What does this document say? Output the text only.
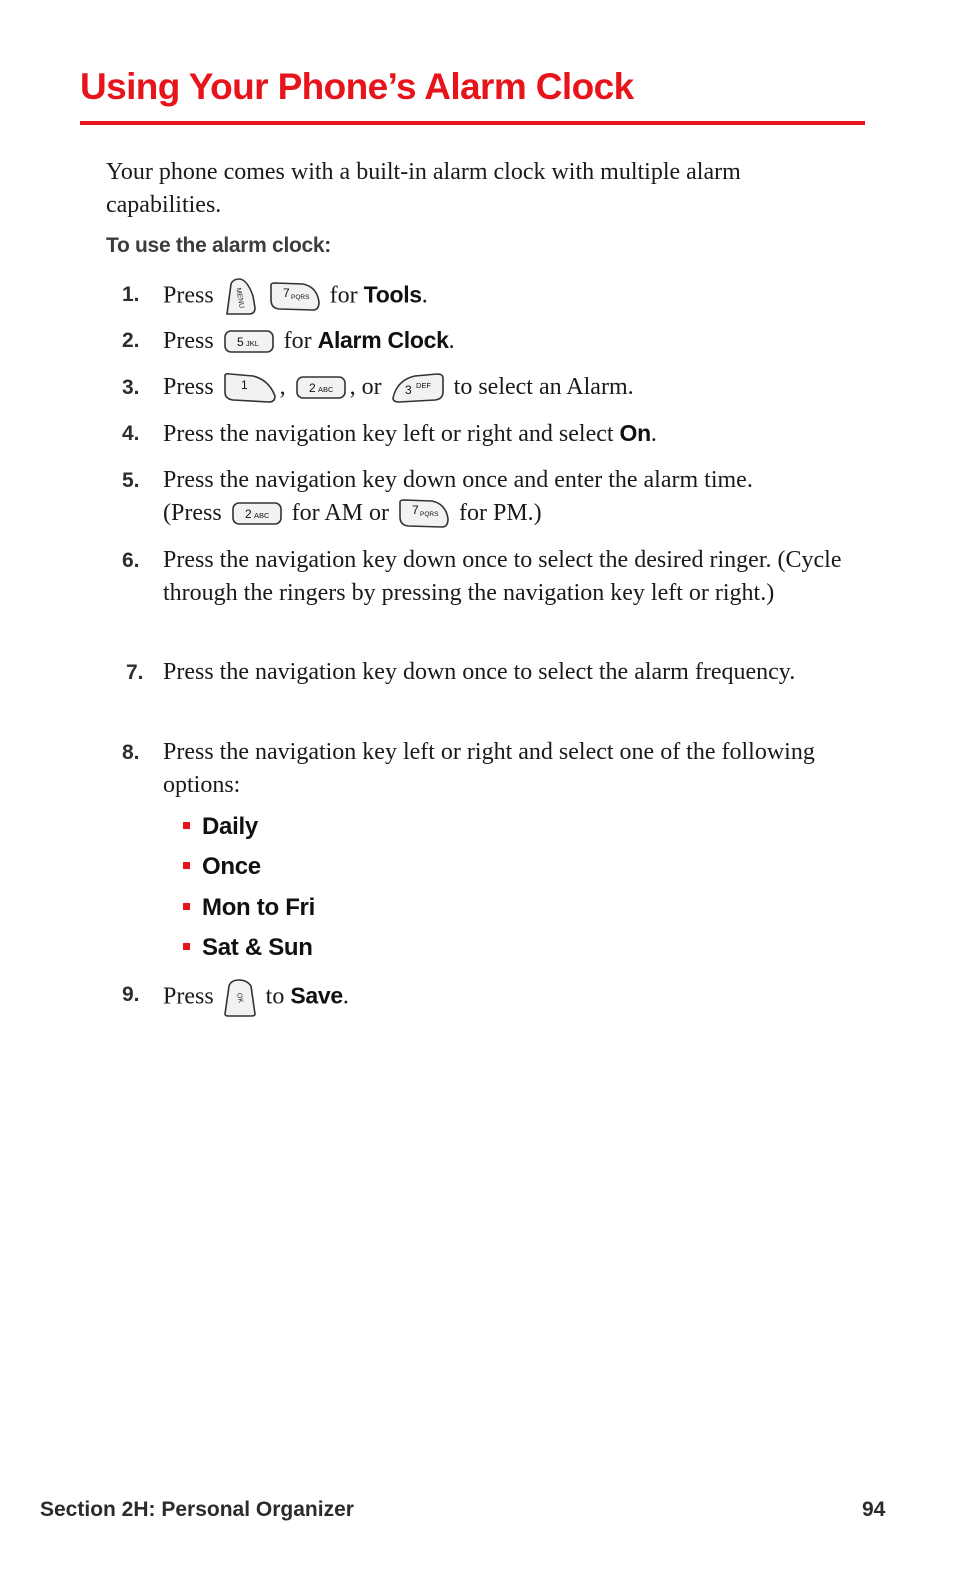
Using Your Phone’s Alarm Clock
Your phone comes with a built-in alarm clock with multiple alarm capabilities.
To use the alarm clock:
1. Press	MENU
	7 PQRS for Tools.
2. Press 5 JKL for Alarm Clock.
3. Press 1 , 2 ABC , or 3 DEF to select an Alarm.
4. Press the navigation key left or right and select On.
5. Press the navigation key down once and enter the alarm time.
(Press 2 ABC for AM or 7 PQRS for PM.)
6. Press the navigation key down once to select the desired ringer. (Cycle through the ringers by pressing the navigation key left or right.)
7. Press the navigation key down once to select the alarm frequency.
8. Press the navigation key left or right and select one of the following options:
Daily
Once
Mon to Fri
Sat & Sun
9. Press	OK to Save.
Section 2H: Personal Organizer	94
